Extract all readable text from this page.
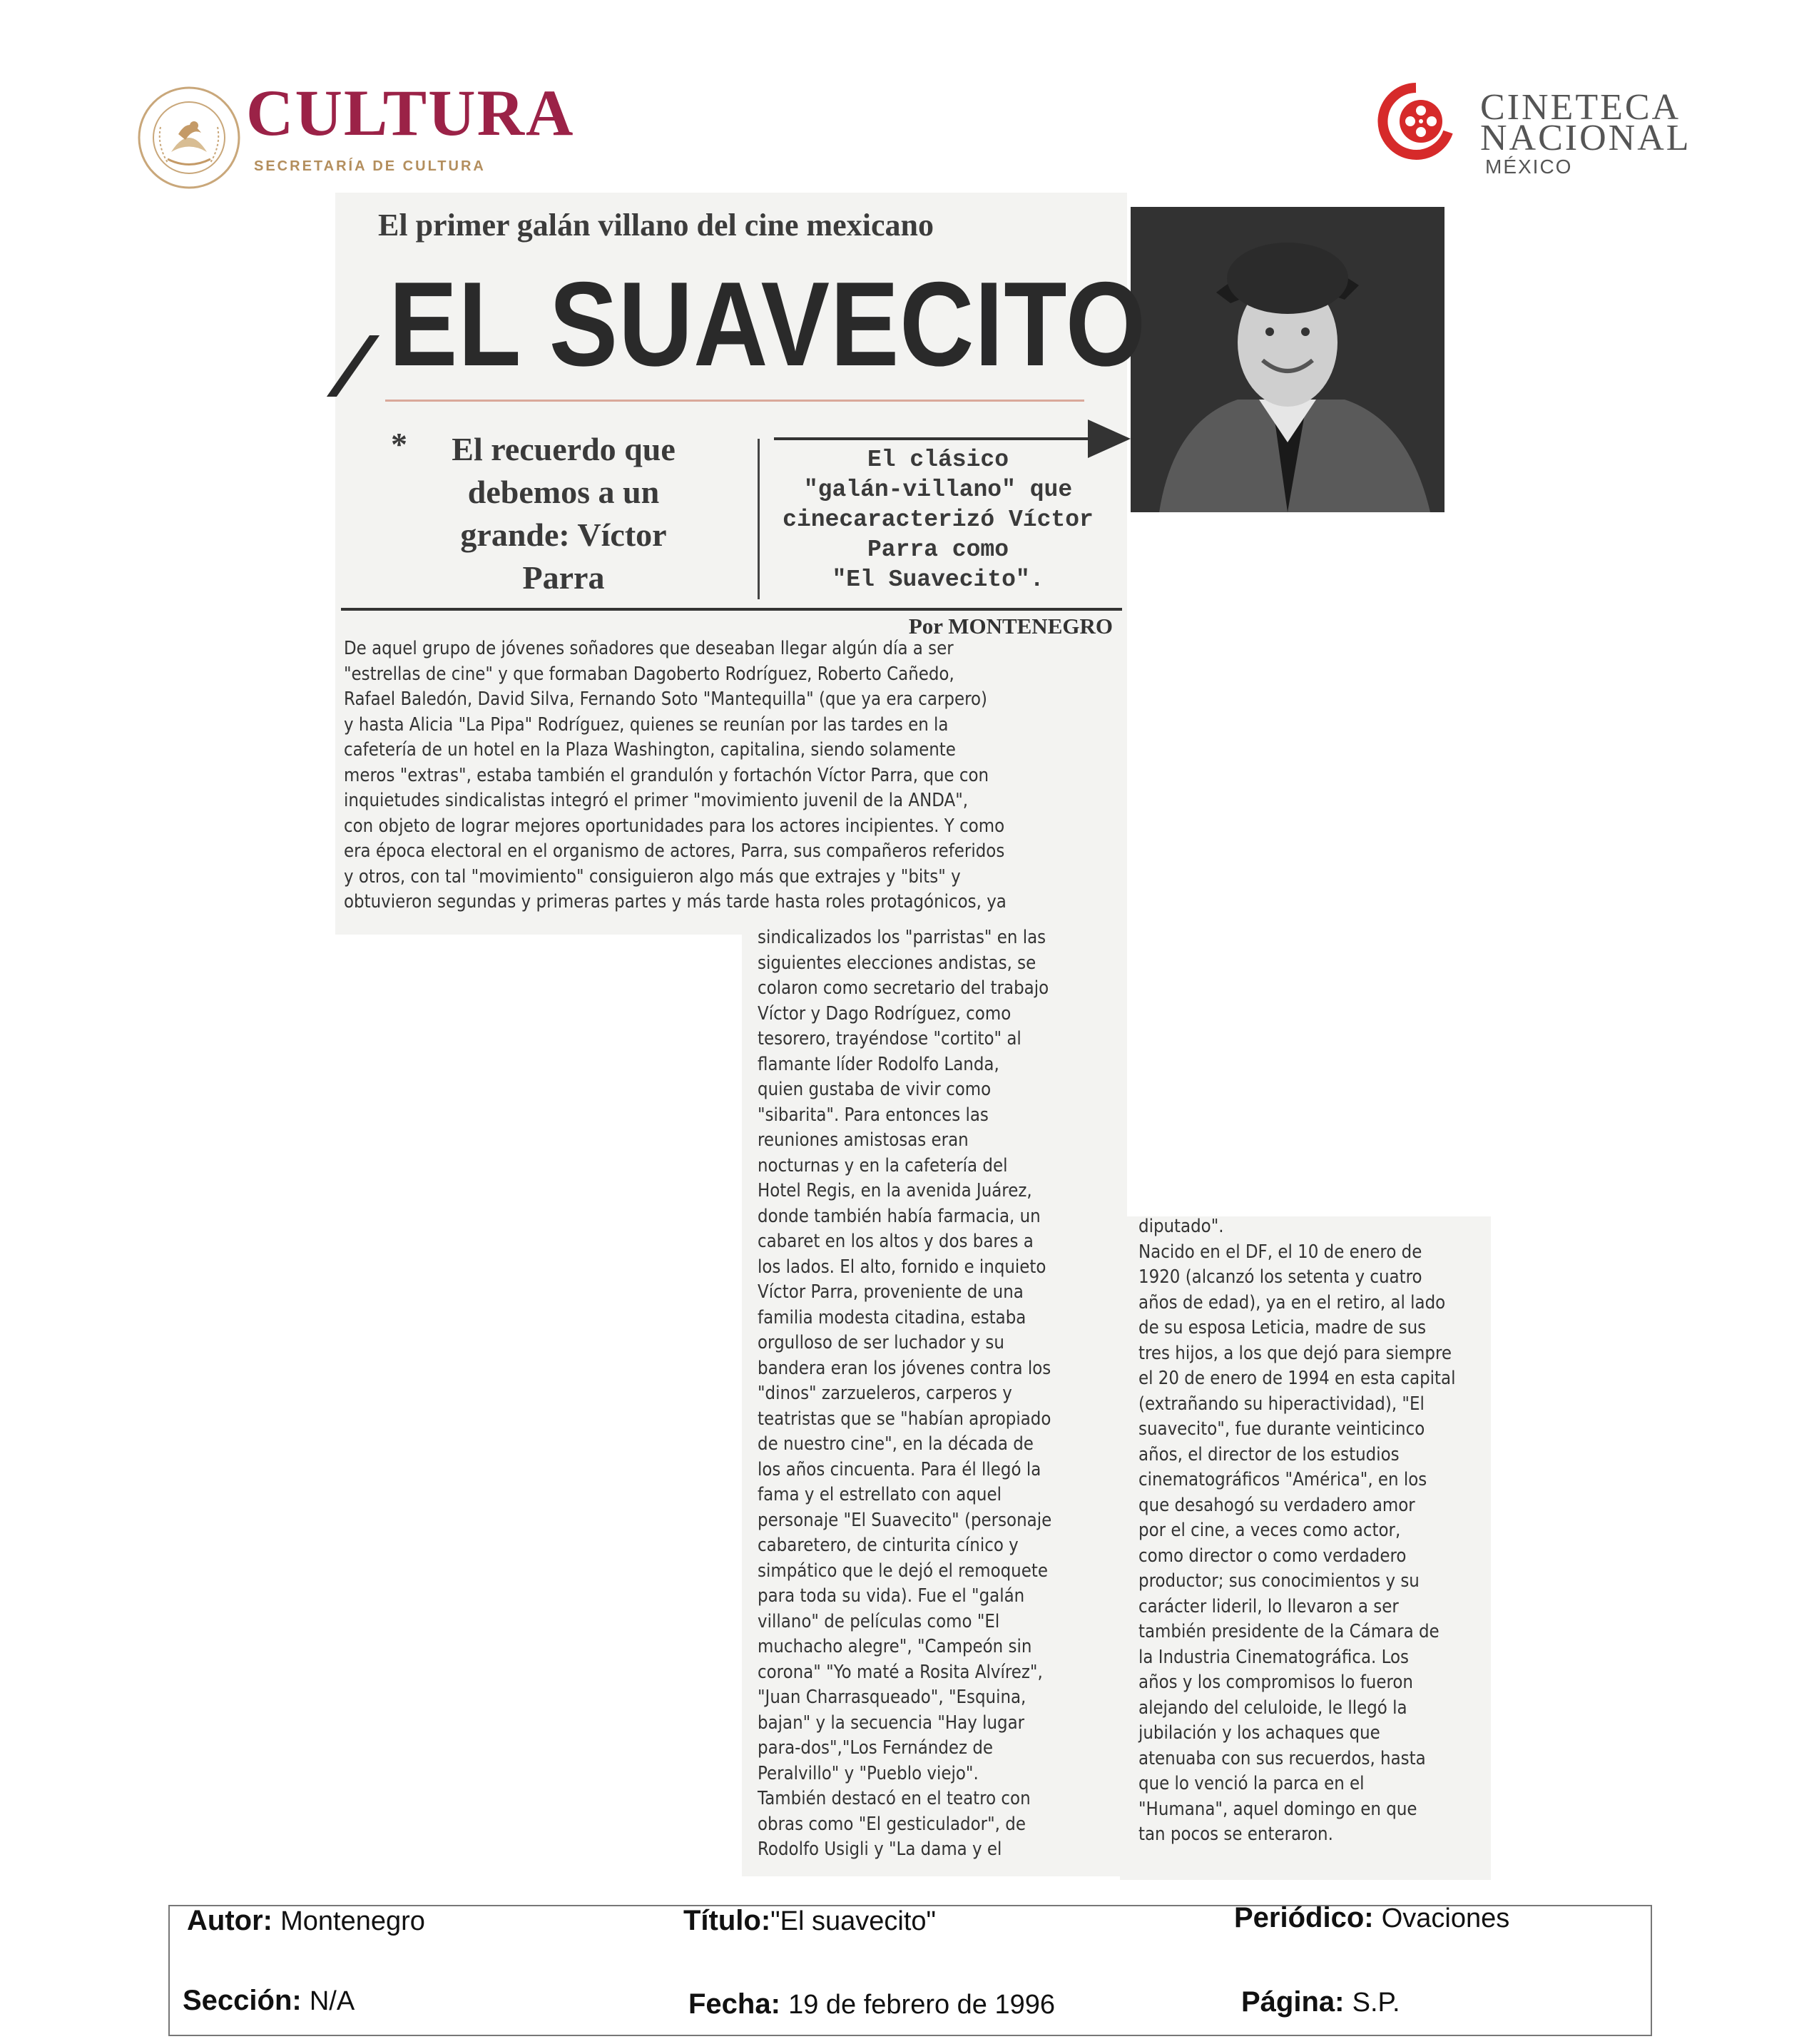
CULTURA
SECRETARÍA DE CULTURA
CINETECA
NACIONAL
MÉXICO
El primer galán villano del cine mexicano
EL SUAVECITO
*	El recuerdo que
debemos a un
grande: Víctor
Parra
El clásico
"galán-villano" que
cinecaracterizó Víctor
Parra como
"El Suavecito".
Por MONTENEGRO
De aquel grupo de jóvenes soñadores que deseaban llegar algún día a ser
"estrellas de cine" y que formaban Dagoberto Rodríguez, Roberto Cañedo,
Rafael Baledón, David Silva, Fernando Soto "Mantequilla" (que ya era carpero)
y hasta Alicia "La Pipa" Rodríguez, quienes se reunían por las tardes en la
cafetería de un hotel en la Plaza Washington, capitalina, siendo solamente
meros "extras", estaba también el grandulón y fortachón Víctor Parra, que con
inquietudes sindicalistas integró el primer "movimiento juvenil de la ANDA",
con objeto de lograr mejores oportunidades para los actores incipientes. Y como
era época electoral en el organismo de actores, Parra, sus compañeros referidos
y otros, con tal "movimiento" consiguieron algo más que extrajes y "bits" y
obtuvieron segundas y primeras partes y más tarde hasta roles protagónicos, ya
sindicalizados los "parristas" en las
siguientes elecciones andistas, se
colaron como secretario del trabajo
Víctor y Dago Rodríguez, como
tesorero, trayéndose "cortito" al
flamante líder Rodolfo Landa,
quien gustaba de vivir como
"sibarita". Para entonces las
reuniones amistosas eran
nocturnas y en la cafetería del
Hotel Regis, en la avenida Juárez,
donde también había farmacia, un
cabaret en los altos y dos bares a
los lados. El alto, fornido e inquieto
Víctor Parra, proveniente de una
familia modesta citadina, estaba
orgulloso de ser luchador y su
bandera eran los jóvenes contra los
"dinos" zarzueleros, carperos y
teatristas que se "habían apropiado
de nuestro cine", en la década de
los años cincuenta. Para él llegó la
fama y el estrellato con aquel
personaje "El Suavecito" (personaje
cabaretero, de cinturita cínico y
simpático que le dejó el remoquete
para toda su vida). Fue el "galán
villano" de películas como "El
muchacho alegre", "Campeón sin
corona" "Yo maté a Rosita Alvírez",
"Juan Charrasqueado", "Esquina,
bajan" y la secuencia "Hay lugar
para-dos","Los Fernández de
Peralvillo" y "Pueblo viejo".
También destacó en el teatro con
obras como "El gesticulador", de
Rodolfo Usigli y "La dama y el
diputado".
Nacido en el DF, el 10 de enero de
1920 (alcanzó los setenta y cuatro
años de edad), ya en el retiro, al lado
de su esposa Leticia, madre de sus
tres hijos, a los que dejó para siempre
el 20 de enero de 1994 en esta capital
(extrañando su hiperactividad), "El
suavecito", fue durante veinticinco
años, el director de los estudios
cinematográficos "América", en los
que desahogó su verdadero amor
por el cine, a veces como actor,
como director o como verdadero
productor; sus conocimientos y su
carácter lideril, lo llevaron a ser
también presidente de la Cámara de
la Industria Cinematográfica. Los
años y los compromisos lo fueron
alejando del celuloide, le llegó la
jubilación y los achaques que
atenuaba con sus recuerdos, hasta
que lo venció la parca en el
"Humana", aquel domingo en que
tan pocos se enteraron.
Autor: Montenegro	Título:"El suavecito"	Periódico: Ovaciones
Sección: N/A	Fecha: 19 de febrero de 1996	Página: S.P.
